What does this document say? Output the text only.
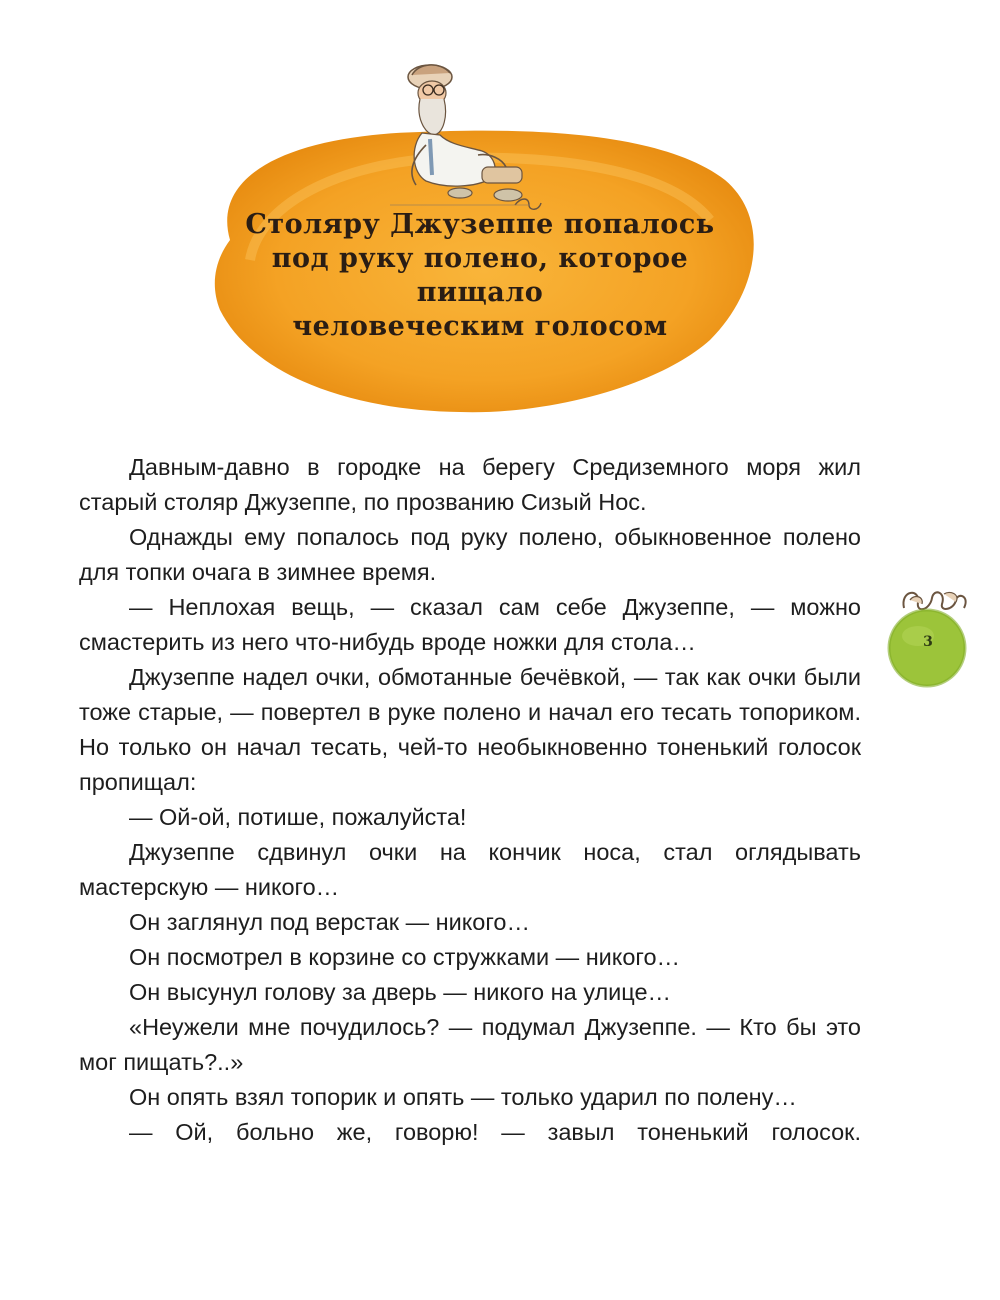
Столяру Джузеппе попалось
под руку полено, которое пищало
человеческим голосом
3

Давным-давно в городке на берегу Средиземного моря жил старый столяр Джузеппе, по прозванию Сизый Нос.

Однажды ему попалось под руку полено, обыкновенное полено для топки очага в зимнее время.

— Неплохая вещь, — сказал сам себе Джузеппе, — можно смастерить из него что-нибудь вроде ножки для стола…

Джузеппе надел очки, обмотанные бечёвкой, — так как очки были тоже старые, — повертел в руке полено и начал его тесать топориком. Но только он начал тесать, чей-то необыкновенно тоненький голосок пропищал:

— Ой-ой, потише, пожалуйста!

Джузеппе сдвинул очки на кончик носа, стал оглядывать мастерскую — никого…

Он заглянул под верстак — никого…

Он посмотрел в корзине со стружками — никого…

Он высунул голову за дверь — никого на улице…

«Неужели мне почудилось? — подумал Джузеппе. — Кто бы это мог пищать?..»

Он опять взял топорик и опять — только ударил по полену…

— Ой, больно же, говорю! — завыл тоненький голосок.
